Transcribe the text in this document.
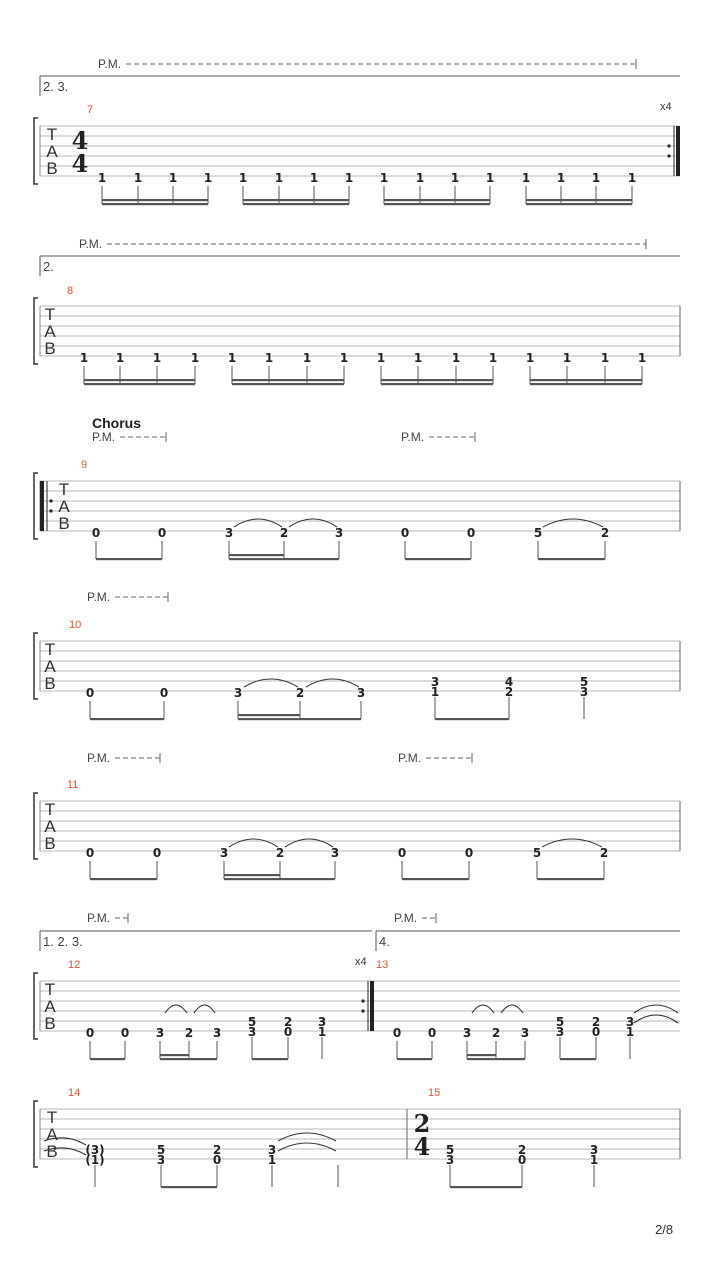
2. 3.
P.M.
T
A
B
4
4
7	x4
1 1 1 1 1 1 1 1 1 1 1 1 1 1 1 1
2.
P.M.
T
A
B
8
1 1 1 1 1 1 1 1 1 1 1 1 1 1 1 1
Chorus
P.M.	P.M.
T
A
B
9
0	0	3	2	3	0	0	5	2
P.M.
T
A
B
10
0	0	3	2	3
3
1
4
2
5
3
P.M.	P.M.
T
A
B
11
0	0	3	2	3	0	0	5	2
1. 2. 3.	4.
P.M.	P.M.
T
A
B
12
0 0 3 2 3
5
3
2
0
3
1
x4 13
0 0 3 2 3
5
3
2
0
3
1
T
A
B
14
(3)
(1)
5
3
2
0
3
1
15
2
4 5
3
2
0
3
1
2/8
